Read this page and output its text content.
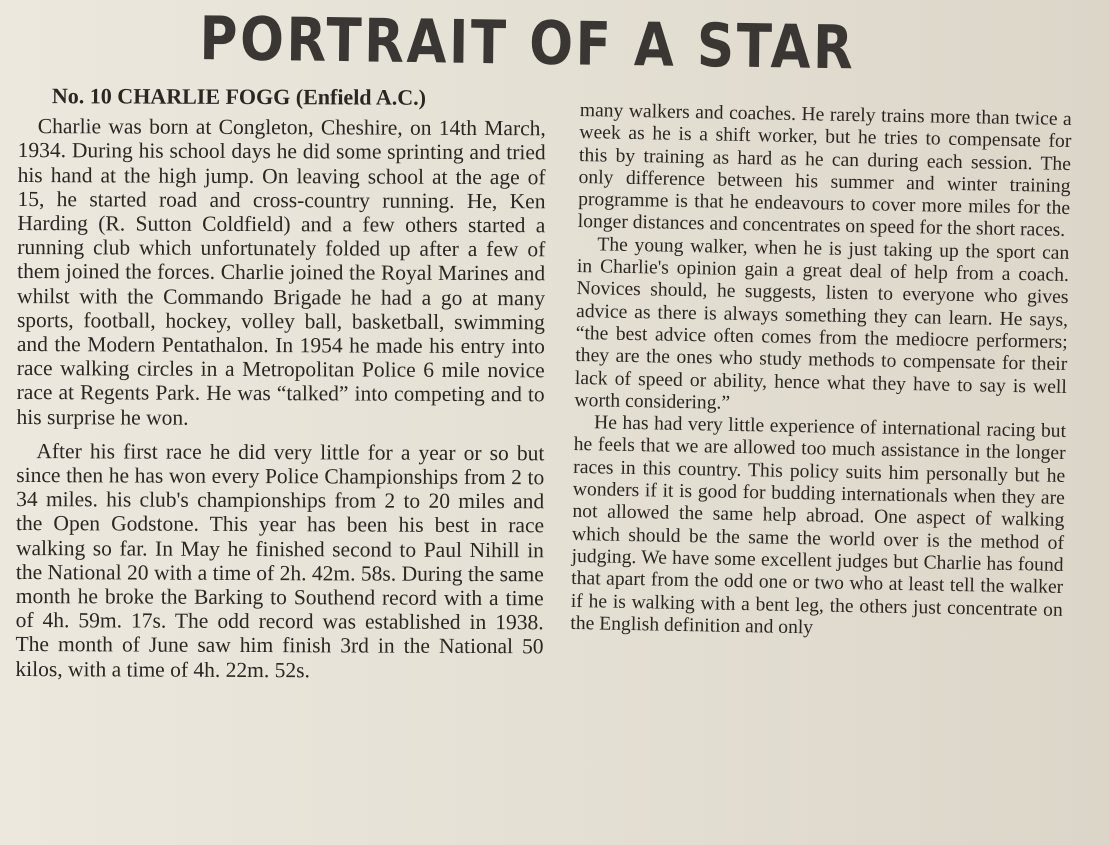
PORTRAIT OF A STAR
No. 10 CHARLIE FOGG (Enfield A.C.)

Charlie was born at Congleton, Cheshire, on 14th March, 1934. During his school days he did some sprinting and tried his hand at the high jump. On leaving school at the age of 15, he started road and cross-country running. He, Ken Harding (R. Sutton Coldfield) and a few others started a running club which unfortunately folded up after a few of them joined the forces. Charlie joined the Royal Marines and whilst with the Commando Brigade he had a go at many sports, football, hockey, volley ball, basketball, swimming and the Modern Pentathalon. In 1954 he made his entry into race walking circles in a Metropolitan Police 6 mile novice race at Regents Park. He was “talked” into competing and to his surprise he won.

After his first race he did very little for a year or so but since then he has won every Police Championships from 2 to 34 miles. his club's championships from 2 to 20 miles and the Open Godstone. This year has been his best in race walking so far. In May he finished second to Paul Nihill in the National 20 with a time of 2h. 42m. 58s. During the same month he broke the Barking to Southend record with a time of 4h. 59m. 17s. The odd record was established in 1938. The month of June saw him finish 3rd in the National 50 kilos, with a time of 4h. 22m. 52s.

many walkers and coaches. He rarely trains more than twice a week as he is a shift worker, but he tries to compensate for this by training as hard as he can during each session. The only difference between his summer and winter training programme is that he endeavours to cover more miles for the longer distances and concentrates on speed for the short races.

The young walker, when he is just taking up the sport can in Charlie's opinion gain a great deal of help from a coach. Novices should, he suggests, listen to everyone who gives advice as there is always something they can learn. He says, “the best advice often comes from the mediocre performers; they are the ones who study methods to compensate for their lack of speed or ability, hence what they have to say is well worth considering.”

He has had very little experience of international racing but he feels that we are allowed too much assistance in the longer races in this country. This policy suits him personally but he wonders if it is good for budding internationals when they are not allowed the same help abroad. One aspect of walking which should be the same the world over is the method of judging. We have some excellent judges but Charlie has found that apart from the odd one or two who at least tell the walker if he is walking with a bent leg, the others just concentrate on the English definition and only
